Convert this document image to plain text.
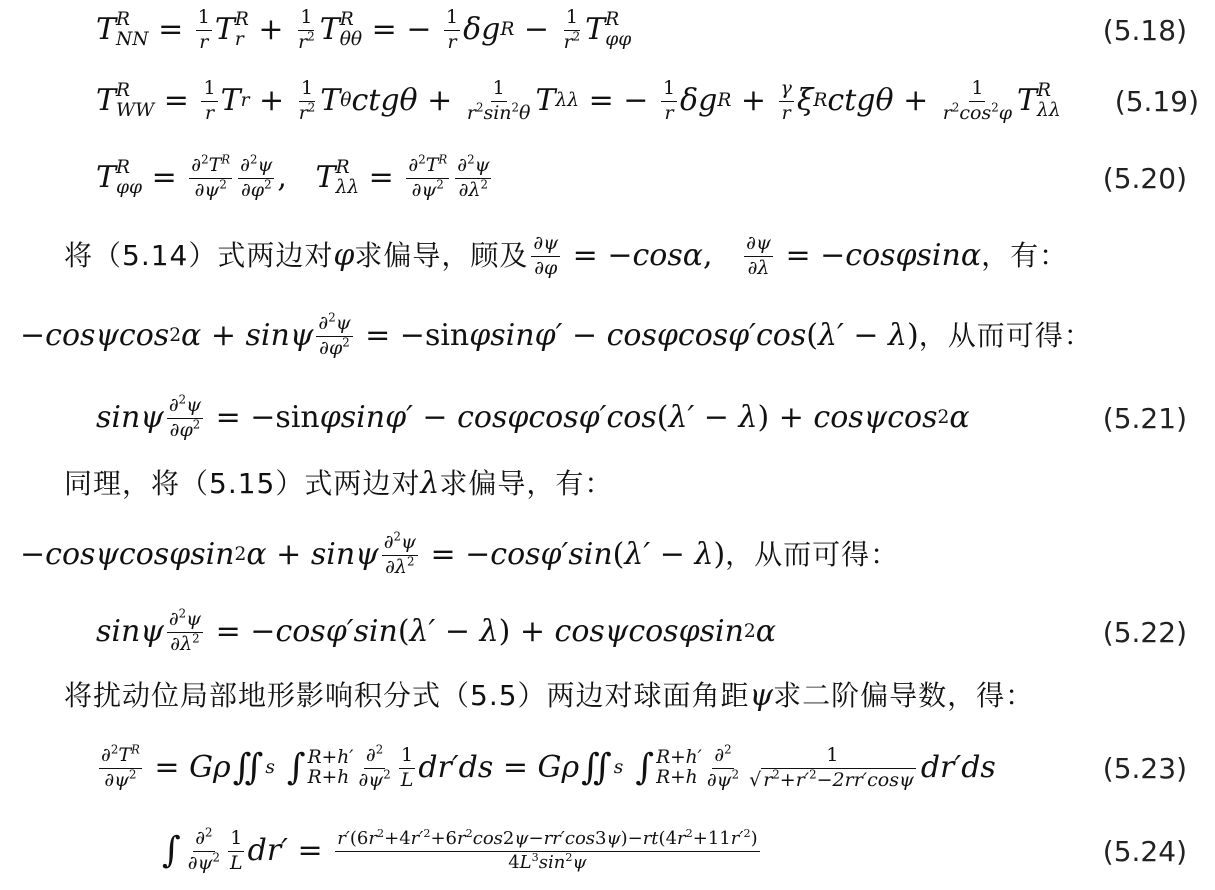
T R
NN = $\frac{1}{r}$ T R
$r + \frac{1}{r^2}$ T R
θθ = − $\frac{1}{r}$ δg $R - \frac{1}{r^2}$ T R
φφ	(5.18)
T R
WW = $\frac{1}{r}$ T $r + \frac{1}{r^2}$ T θ $ctg\theta + \frac{1}{r^2\sin^2\theta}$ T λλ = − $\frac{1}{r}$ δg $R + \frac{\gamma}{r}$ ξ R $ctg\theta + \frac{1}{r^2\cos^2\varphi}$ T R
λλ (5.19)
T R
$\varphi\varphi = \frac{\partial^2T^R}{\partial\psi^2} \frac{\partial^2\psi}{\partial\varphi^2}$ , T R
$\lambda\lambda = \frac{\partial^2T^R}{\partial\psi^2} \frac{\partial^2\psi}{\partial\lambda^2}$	(5.20)
将（5.14）式两边对 φ 求偏导，顾及 $\frac{\partial\psi}{\partial\varphi}$ = − cosα , $\frac{\partial\psi}{\partial\lambda}$ = − cosφsinα ，有：
− cosψcos 2 α + sinψ $\frac{\partial^2\psi}{\partial\varphi^2} = -\sin$ φsinφ′ − cosφcosφ′cos ( λ′ − λ ) ，从而可得：
sinψ $\frac{\partial^2\psi}{\partial\varphi^2} = -\sin$ φsinφ′ − cosφcosφ′cos ( λ′ − λ ) + cosψcos 2 α	(5.21)
同理，将（5.15）式两边对 λ 求偏导，有：
− cosψcosφsin 2 α + sinψ $\frac{\partial^2\psi}{\partial\lambda^2}$ = − cosφ′sin ( λ′ − λ ) ，从而可得：
sinψ $\frac{\partial^2\psi}{\partial\lambda^2}$ = − cosφ′sin ( λ′ − λ ) + cosψcosφsin 2 α	(5.22)
将扰动位局部地形影响积分式（5.5）两边对球面角距 ψ 求二阶偏导数，得：
$\frac{\partial^2T^R}{\partial\psi^2} = G\rho$ ∬ s ∫ R+h′
$R+h \frac{\partial^2}{\partial\psi^2} \frac{1}{L} dr'ds = G\rho$ ∬ s ∫ R+h′
$R+h \frac{\partial^2}{\partial\psi^2} \frac{1}{√ r^2+r'^2-2rr'\cos\psi} dr'ds$	(5.23)
∫ $\frac{\partial^2}{\partial\psi^2} \frac{1}{L} dr' = \frac{r'(6r^2+4r'^2+6r^2\cos 2\psi-rr'\cos 3\psi)-rt(4r^2+11r'^2)}{4L^3\sin^2\psi}$	(5.24)
